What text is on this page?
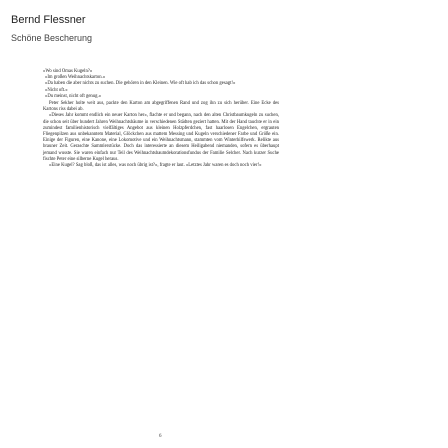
Bernd Flessner
Schöne Bescherung

»Wo sind Omas Kugeln?«

»Im großen Weihnachtskarton.«

»Da haben die aber nichts zu suchen. Die gehören in den Kleinen. Wie oft hab ich das schon gesagt!«

»Nicht oft.«

»Du meinst, nicht oft genug.«

Peter Sekher holte weit aus, packte den Karton am abgegriffenen Rand und zog ihn zu sich herüber. Eine Ecke des Kartons riss dabei ab.

»Dieses Jahr kommt endlich ein neuer Karton her«, flachte er und begann, nach den alten Christbaumkugeln zu suchen, die schon seit über hundert Jahren Weihnachtsbäume in verschiedenen Städten geziert hatten. Mit der Hand tauchte er in ein zumindest familienhistorisch vielfältiges Angebot aus kleinen Holzpferdchen, fast haarlosen Engelchen, ergrauten Fliegenpilzen aus unbekanntem Material, Glöckchen aus mattem Messing und Kugeln verschiedener Farbe und Größe ein. Einige der Figuren, eine Kanone, eine Lokomotive und ein Weihnachtsmann, stammten vom Winterhilfswerk. Relikte aus brauner Zeit. Geraschte Sammlerstücke. Doch das interessierte an diesem Heiligabend niemanden, sofern es überhaupt jemand wusste. Sie waren einfach nur Teil des Weihnachtsbaumdekorationsfundus der Familie Selcher. Nach kurzer Suche fischte Peter eine silberne Kugel heraus.

»Eine Kugel? Sag bloß, das ist alles, was noch übrig ist?«, fragte er laut. »Letztes Jahr waren es doch noch vier!«

6
